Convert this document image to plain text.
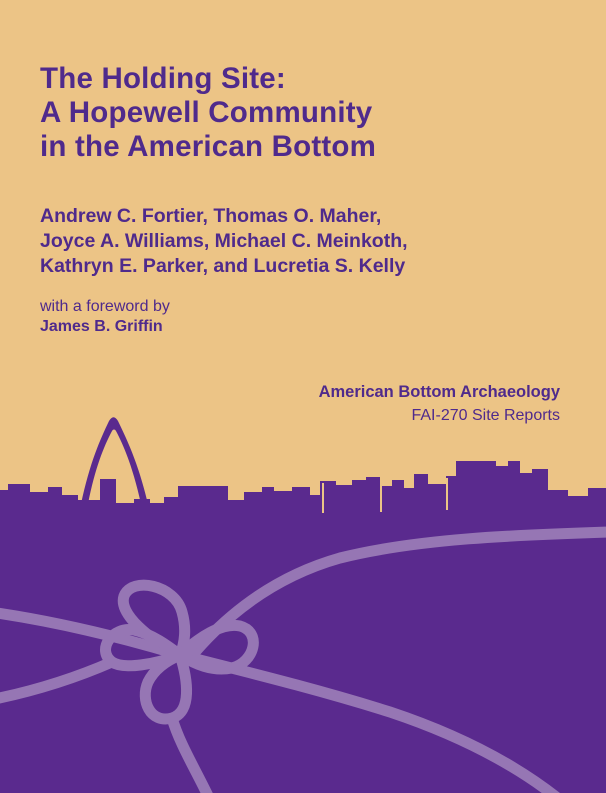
The Holding Site:
A Hopewell Community
in the American Bottom
Andrew C. Fortier, Thomas O. Maher,
Joyce A. Williams, Michael C. Meinkoth,
Kathryn E. Parker, and Lucretia S. Kelly
with a foreword by
James B. Griffin
American Bottom Archaeology
FAI-270 Site Reports
